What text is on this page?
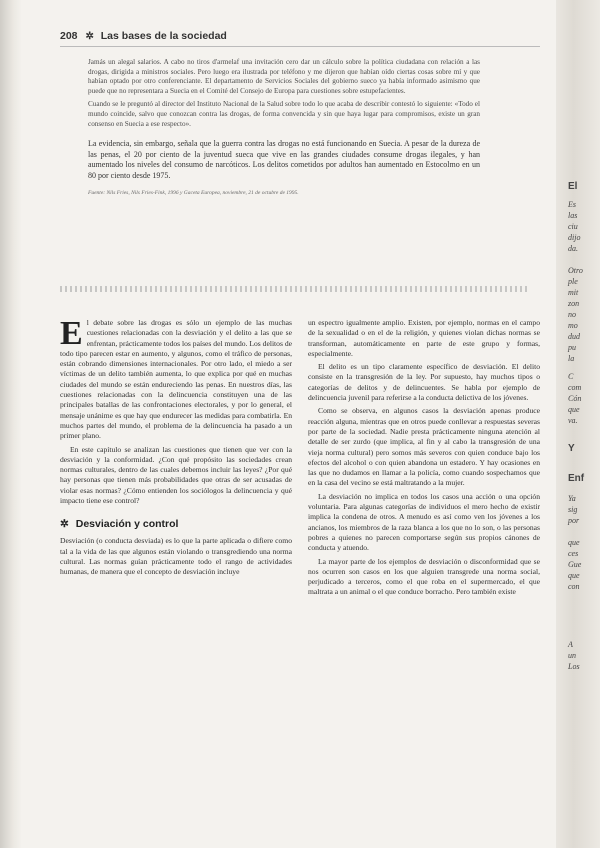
208 ✲ Las bases de la sociedad

Jamás un alegal salarios. A cabo no tiros d'armelaf una invitación cero dar un cálculo sobre la política ciudadana con relación a las drogas, dirigida a ministros sociales. Pero luego era ilustrada por teléfono y me dijeron que habían oído ciertas cosas sobre mí y que habían optado por otro conferenciante. El departamento de Servicios Sociales del gobierno sueco ya había informado asimismo que puede que no representara a Suecia en el Comité del Consejo de Europa para cuestiones sobre estupefacientes.

Cuando se le preguntó al director del Instituto Nacional de la Salud sobre todo lo que acaba de describir contestó lo siguiente: «Todo el mundo coincide, salvo que conozcan contra las drogas, de forma convencida y sin que haya lugar para compromisos, existe un gran consenso en Suecia a ese respecto».

La evidencia, sin embargo, señala que la guerra contra las drogas no está funcionando en Suecia. A pesar de la dureza de las penas, el 20 por ciento de la juventud sueca que vive en las grandes ciudades consume drogas ilegales, y han aumentado los niveles del consumo de narcóticos. Los delitos cometidos por adultos han aumentado en Estocolmo en un 80 por ciento desde 1975.

Fuente: Nils Fries, Nils Fries-Fink, 1996 y Gaceta Europea, noviembre, 21 de octubre de 1995.

El debate sobre las drogas es sólo un ejemplo de las muchas cuestiones relacionadas con la desviación y el delito a las que se enfrentan, prácticamente todos los países del mundo. Los delitos de todo tipo parecen estar en aumento, y algunos, como el tráfico de personas, están cobrando dimensiones internacionales. Por otro lado, el miedo a ser víctimas de un delito también aumenta, lo que explica por qué en muchas ciudades del mundo se están endureciendo las penas. En nuestros días, las cuestiones relacionadas con la delincuencia constituyen una de las principales batallas de las confrontaciones electorales, y por lo general, el mensaje unánime es que hay que endurecer las medidas para combatirla. En muchos partes del mundo, el problema de la delincuencia ha pasado a un primer plano.

En este capítulo se analizan las cuestiones que tienen que ver con la desviación y la conformidad. ¿Con qué propósito las sociedades crean normas culturales, dentro de las cuales debemos incluir las leyes? ¿Por qué hay personas que tienen más probabilidades que otras de ser acusadas de violar esas normas? ¿Cómo entienden los sociólogos la delincuencia y qué impacto tiene ese control?

✲ Desviación y control

Desviación (o conducta desviada) es lo que la parte aplicada o difiere como tal a la vida de las que algunos están violando o transgrediendo una norma cultural. Las normas guían prácticamente todo el rango de actividades humanas, de manera que el concepto de desviación incluye

un espectro igualmente amplio. Existen, por ejemplo, normas en el campo de la sexualidad o en el de la religión, y quienes violan dichas normas se transforman, automáticamente en parte de este grupo y formas, especialmente.

El delito es un tipo claramente específico de desviación. El delito consiste en la transgresión de la ley. Por supuesto, hay muchos tipos o categorías de delitos y de delincuentes. Se habla por ejemplo de delincuencia juvenil para referirse a la conducta delictiva de los jóvenes.

Como se observa, en algunos casos la desviación apenas produce reacción alguna, mientras que en otros puede conllevar a respuestas severas por parte de la sociedad. Nadie presta prácticamente ninguna atención al detalle de ser zurdo (que implica, al fin y al cabo la transgresión de una vieja norma cultural) pero somos más severos con quien conduce bajo los efectos del alcohol o con quien abandona un estadero. Y hay ocasiones en las que no dudamos en llamar a la policía, como cuando sospechamos que en la casa del vecino se está maltratando a la mujer.

La desviación no implica en todos los casos una acción o una opción voluntaria. Para algunas categorías de individuos el mero hecho de existir implica la condena de otros. A menudo es así como ven los jóvenes a los ancianos, los miembros de la raza blanca a los que no lo son, o las personas pobres a quienes no parecen comportarse según sus propios cánones de conducta y atuendo.

La mayor parte de los ejemplos de desviación o disconformidad que se nos ocurren son casos en los que alguien transgrede una norma social, perjudicado a terceros, como el que roba en el supermercado, el que maltrata a un animal o el que conduce borracho. Pero también existe

El
Es
las
ciu
dijo
da.
Otro
ple
mit
zon
no
mo
dud
pu
la
C
com
Cón
que
va.
Y
Enf
Ya
sig
por
que
ces
Gue
que
con
A
un
Los
